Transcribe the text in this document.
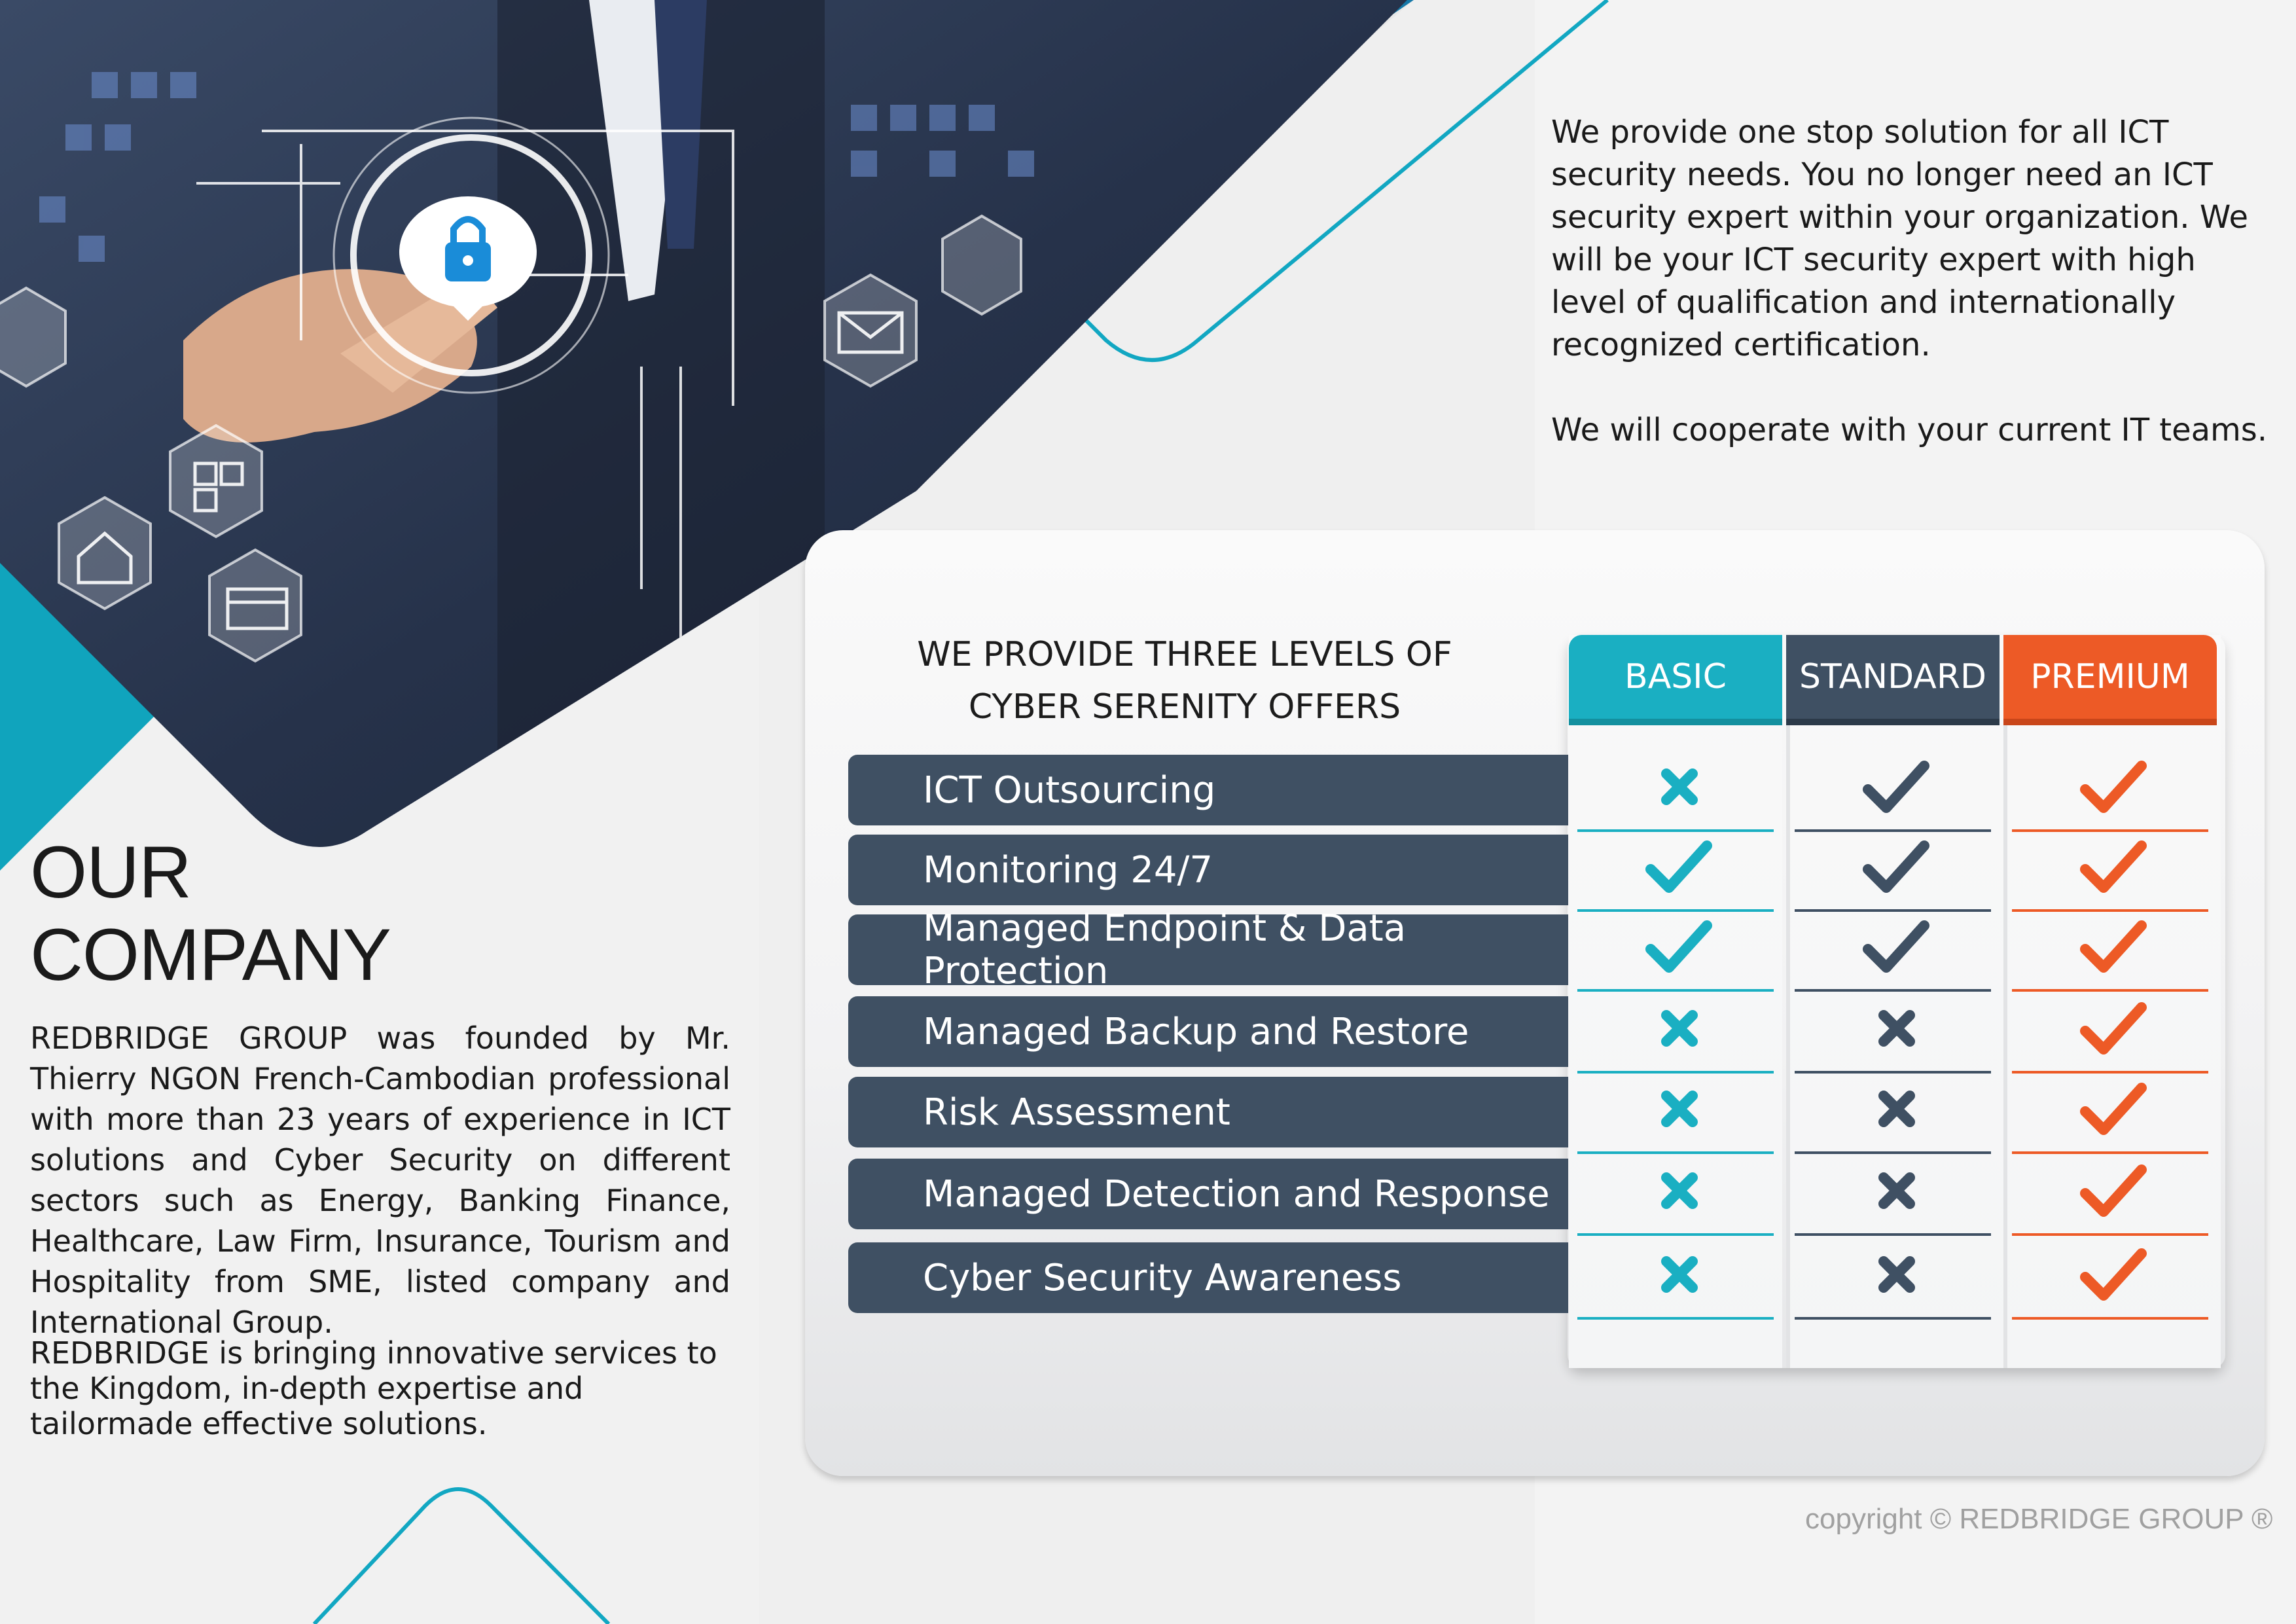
OUR
COMPANY
REDBRIDGE GROUP was founded by Mr. Thierry NGON French-Cambodian professional with more than 23 years of experience in ICT solutions and Cyber Security on different sectors such as Energy, Banking Finance, Healthcare, Law Firm, Insurance, Tourism and Hospitality from SME, listed company and International Group.
REDBRIDGE is bringing innovative services to the Kingdom, in-depth expertise and tailormade effective solutions.

We provide one stop solution for all ICT security needs. You no longer need an ICT security expert within your organization. We will be your ICT security expert with high level of qualification and internationally recognized certification.

We will cooperate with your current IT teams.

WE PROVIDE THREE LEVELS OF
CYBER SERENITY OFFERS
BASIC	STANDARD	PREMIUM
ICT Outsourcing
Monitoring 24/7
Managed Endpoint & Data Protection
Managed Backup and Restore
Risk Assessment
Managed Detection and Response
Cyber Security Awareness
copyright © REDBRIDGE GROUP ®
